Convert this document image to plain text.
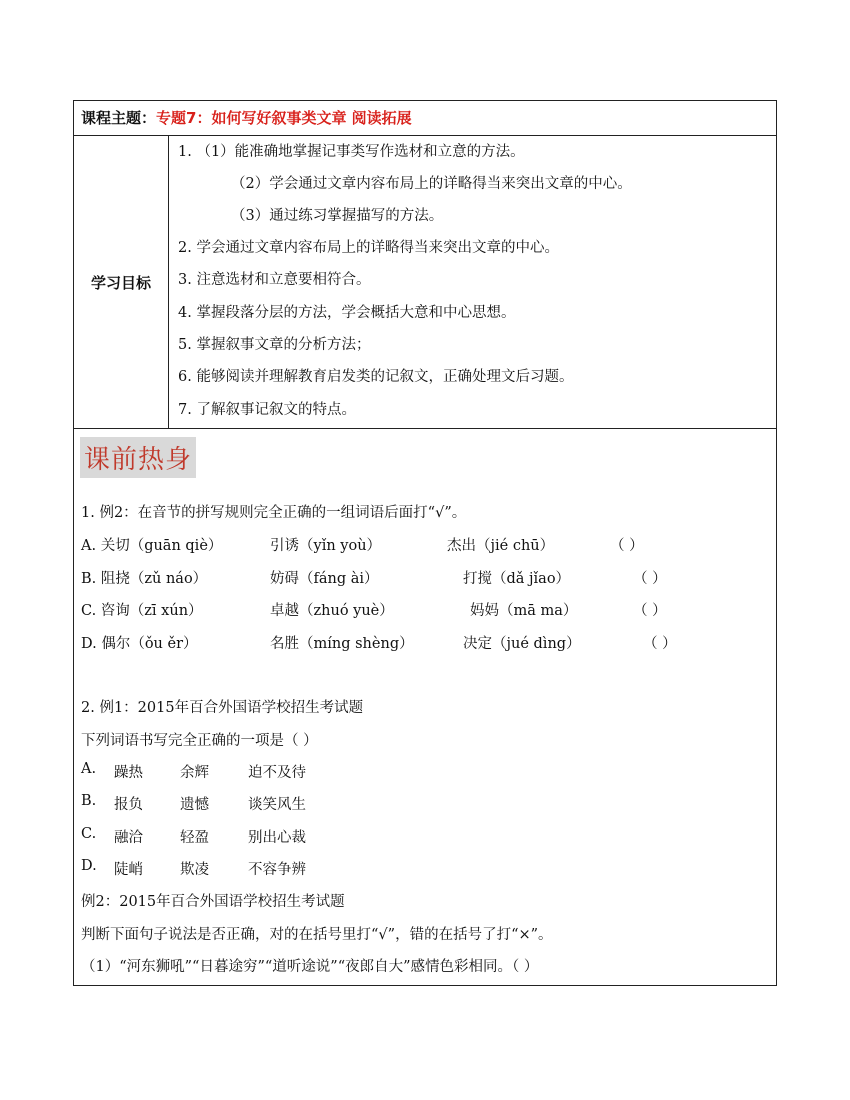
课程主题：专题7：如何写好叙事类文章 阅读拓展
学习目标
1. （1）能准确地掌握记事类写作选材和立意的方法。
（2）学会通过文章内容布局上的详略得当来突出文章的中心。
（3）通过练习掌握描写的方法。
2. 学会通过文章内容布局上的详略得当来突出文章的中心。
3. 注意选材和立意要相符合。
4. 掌握段落分层的方法，学会概括大意和中心思想。
5. 掌握叙事文章的分析方法；
6. 能够阅读并理解教育启发类的记叙文，正确处理文后习题。
7. 了解叙事记叙文的特点。
课前热身
1. 例2：在音节的拼写规则完全正确的一组词语后面打“√”。
A. 关切（guān qiè）	引诱（yǐn yoù）	杰出（jié chū）	（ ）
B. 阻挠（zǔ náo）	妨碍（fáng ài）	打搅（dǎ jǐao）	（ ）
C. 咨询（zī xún）	卓越（zhuó yuè）	妈妈（mā ma）	（ ）
D. 偶尔（ǒu ěr）	名胜（míng shèng）	决定（jué dìng）	（ ）
2. 例1：2015年百合外国语学校招生考试题
下列词语书写完全正确的一项是（ ）
A. 躁热	余辉	迫不及待
B. 报负	遗憾	谈笑风生
C. 融洽	轻盈	别出心裁
D. 陡峭	欺凌	不容争辨
例2：2015年百合外国语学校招生考试题
判断下面句子说法是否正确，对的在括号里打“√”，错的在括号了打“×”。
（1）“河东狮吼”“日暮途穷”“道听途说”“夜郎自大”感情色彩相同。（ ）
